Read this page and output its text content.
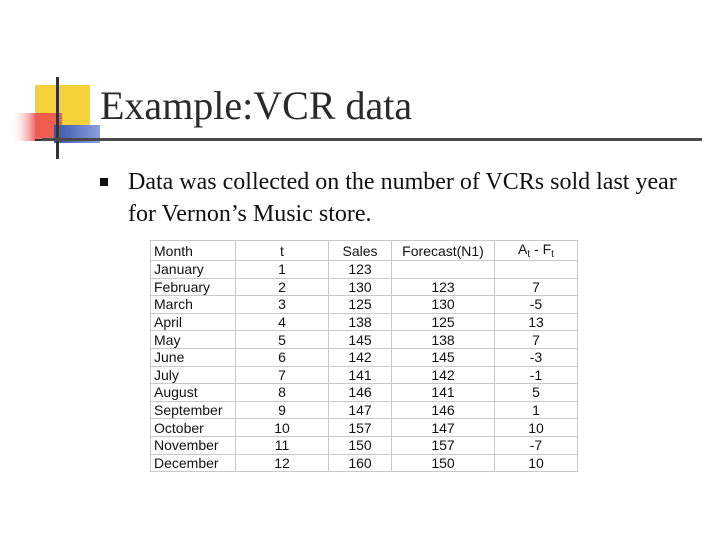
Example:VCR data
Data was collected on the number of VCRs sold last year for Vernon’s Music store.
Month	t	Sales	Forecast(N1)	$A_t - F_t$
January	1	123		
February	2	130	123	7
March	3	125	130	-5
April	4	138	125	13
May	5	145	138	7
June	6	142	145	-3
July	7	141	142	-1
August	8	146	141	5
September	9	147	146	1
October	10	157	147	10
November	11	150	157	-7
December	12	160	150	10
